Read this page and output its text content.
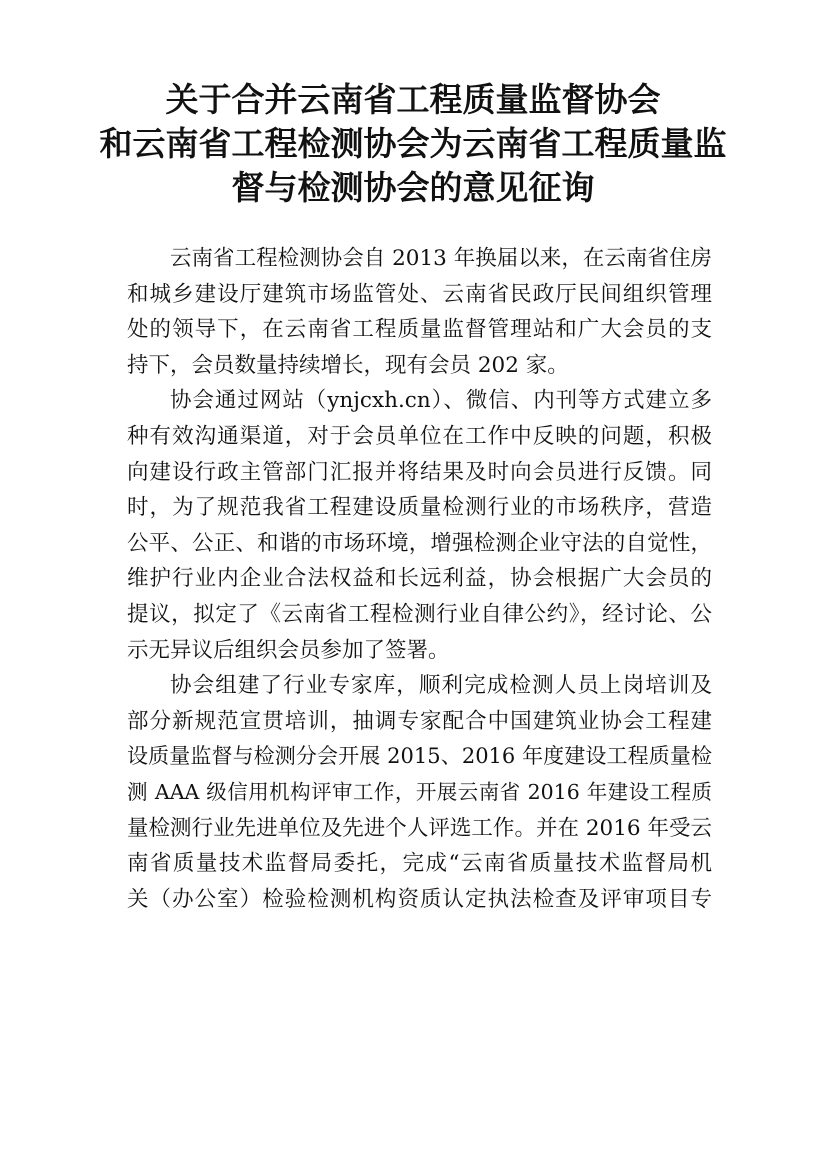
关于合并云南省工程质量监督协会
和云南省工程检测协会为云南省工程质量监
督与检测协会的意见征询
云南省工程检测协会自 2013 年换届以来，在云南省住房
和城乡建设厅建筑市场监管处、云南省民政厅民间组织管理
处的领导下，在云南省工程质量监督管理站和广大会员的支
持下，会员数量持续增长，现有会员 202 家。
协会通过网站（ynjcxh.cn）、微信、内刊等方式建立多
种有效沟通渠道，对于会员单位在工作中反映的问题，积极
向建设行政主管部门汇报并将结果及时向会员进行反馈。同
时，为了规范我省工程建设质量检测行业的市场秩序，营造
公平、公正、和谐的市场环境，增强检测企业守法的自觉性，
维护行业内企业合法权益和长远利益，协会根据广大会员的
提议，拟定了《云南省工程检测行业自律公约》，经讨论、公
示无异议后组织会员参加了签署。
协会组建了行业专家库，顺利完成检测人员上岗培训及
部分新规范宣贯培训，抽调专家配合中国建筑业协会工程建
设质量监督与检测分会开展 2015、2016 年度建设工程质量检
测 AAA 级信用机构评审工作，开展云南省 2016 年建设工程质
量检测行业先进单位及先进个人评选工作。并在 2016 年受云
南省质量技术监督局委托，完成“云南省质量技术监督局机
关（办公室）检验检测机构资质认定执法检查及评审项目专
